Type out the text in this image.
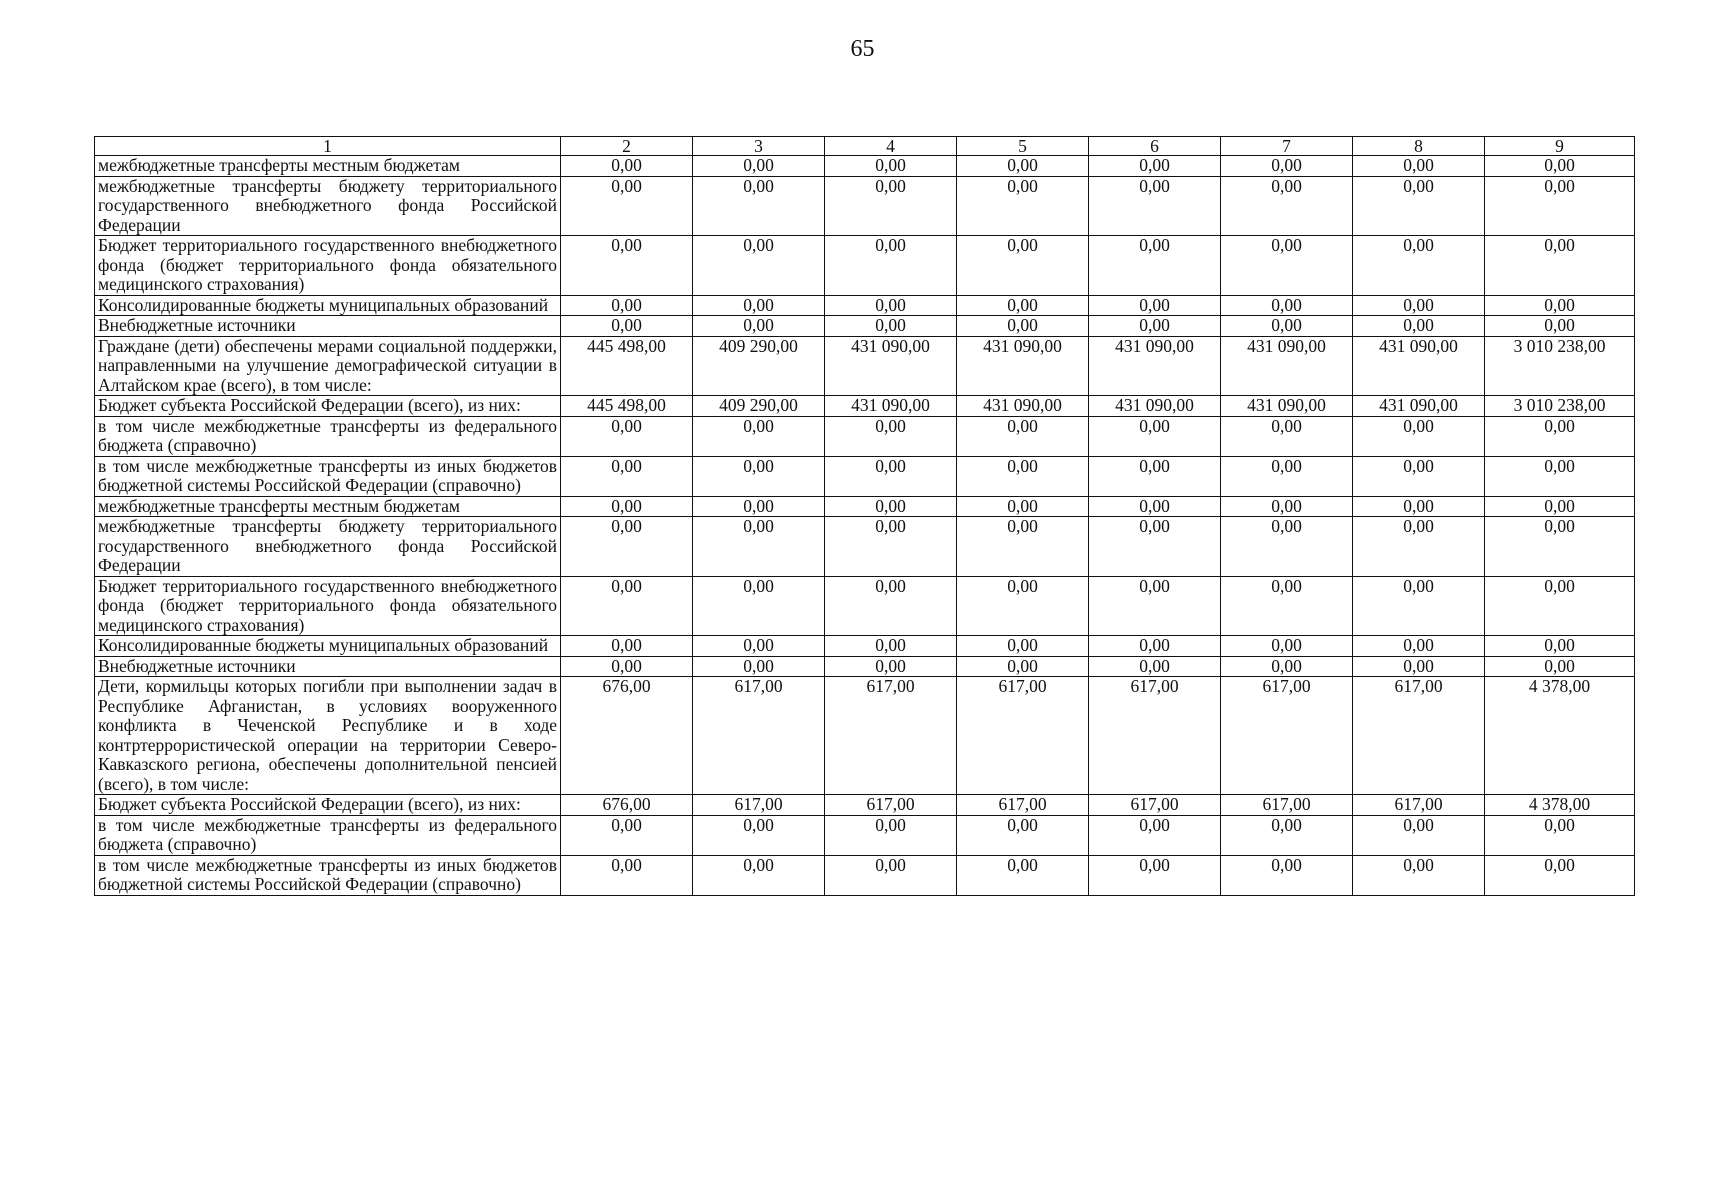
65
1	2	3	4	5	6	7	8	9
межбюджетные трансферты местным бюджетам	0,00	0,00	0,00	0,00	0,00	0,00	0,00	0,00
межбюджетные трансферты бюджету территориального государственного внебюджетного фонда Российской Федерации	0,00	0,00	0,00	0,00	0,00	0,00	0,00	0,00
Бюджет территориального государственного внебюджетного фонда (бюджет территориального фонда обязательного медицинского страхования)	0,00	0,00	0,00	0,00	0,00	0,00	0,00	0,00
Консолидированные бюджеты муниципальных образований	0,00	0,00	0,00	0,00	0,00	0,00	0,00	0,00
Внебюджетные источники	0,00	0,00	0,00	0,00	0,00	0,00	0,00	0,00
Граждане (дети) обеспечены мерами социальной поддержки, направленными на улучшение демографической ситуации в Алтайском крае (всего), в том числе:	445 498,00	409 290,00	431 090,00	431 090,00	431 090,00	431 090,00	431 090,00	3 010 238,00
Бюджет субъекта Российской Федерации (всего), из них:	445 498,00	409 290,00	431 090,00	431 090,00	431 090,00	431 090,00	431 090,00	3 010 238,00
в том числе межбюджетные трансферты из федерального бюджета (справочно)	0,00	0,00	0,00	0,00	0,00	0,00	0,00	0,00
в том числе межбюджетные трансферты из иных бюджетов бюджетной системы Российской Федерации (справочно)	0,00	0,00	0,00	0,00	0,00	0,00	0,00	0,00
межбюджетные трансферты местным бюджетам	0,00	0,00	0,00	0,00	0,00	0,00	0,00	0,00
межбюджетные трансферты бюджету территориального государственного внебюджетного фонда Российской Федерации	0,00	0,00	0,00	0,00	0,00	0,00	0,00	0,00
Бюджет территориального государственного внебюджетного фонда (бюджет территориального фонда обязательного медицинского страхования)	0,00	0,00	0,00	0,00	0,00	0,00	0,00	0,00
Консолидированные бюджеты муниципальных образований	0,00	0,00	0,00	0,00	0,00	0,00	0,00	0,00
Внебюджетные источники	0,00	0,00	0,00	0,00	0,00	0,00	0,00	0,00
Дети, кормильцы которых погибли при выполнении задач в Республике Афганистан, в условиях вооруженного конфликта в Чеченской Республике и в ходе контртеррористической операции на территории Северо-Кавказского региона, обеспечены дополнительной пенсией (всего), в том числе:	676,00	617,00	617,00	617,00	617,00	617,00	617,00	4 378,00
Бюджет субъекта Российской Федерации (всего), из них:	676,00	617,00	617,00	617,00	617,00	617,00	617,00	4 378,00
в том числе межбюджетные трансферты из федерального бюджета (справочно)	0,00	0,00	0,00	0,00	0,00	0,00	0,00	0,00
в том числе межбюджетные трансферты из иных бюджетов бюджетной системы Российской Федерации (справочно)	0,00	0,00	0,00	0,00	0,00	0,00	0,00	0,00
